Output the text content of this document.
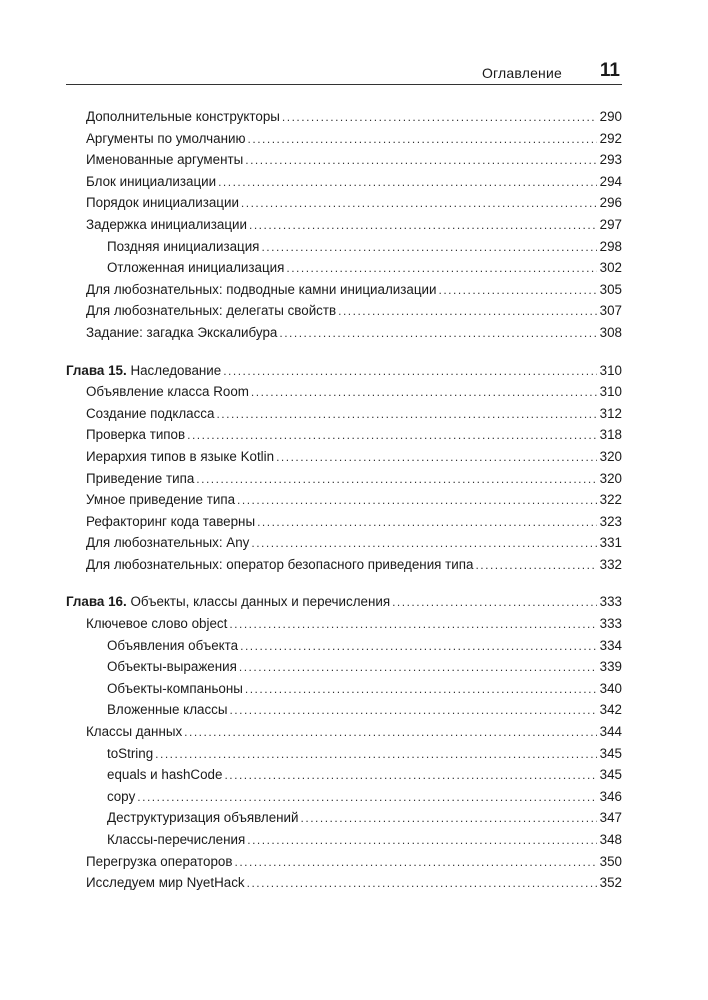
Оглавление 11
Дополнительные конструкторы .....	290
Аргументы по умолчанию .....	292
Именованные аргументы .....	293
Блок инициализации .....	294
Порядок инициализации .....	296
Задержка инициализации .....	297
Поздняя инициализация .....	298
Отложенная инициализация .....	302
Для любознательных: подводные камни инициализации .....	305
Для любознательных: делегаты свойств .....	307
Задание: загадка Экскалибура .....	308
Глава 15. Наследование .....	310
Объявление класса Room .....	310
Создание подкласса .....	312
Проверка типов .....	318
Иерархия типов в языке Kotlin .....	320
Приведение типа .....	320
Умное приведение типа .....	322
Рефакторинг кода таверны .....	323
Для любознательных: Any .....	331
Для любознательных: оператор безопасного приведения типа .....	332
Глава 16. Объекты, классы данных и перечисления .....	333
Ключевое слово object .....	333
Объявления объекта .....	334
Объекты-выражения .....	339
Объекты-компаньоны .....	340
Вложенные классы .....	342
Классы данных .....	344
toString .....	345
equals и hashCode .....	345
copy .....	346
Деструктуризация объявлений .....	347
Классы-перечисления .....	348
Перегрузка операторов .....	350
Исследуем мир NyetHack .....	352
